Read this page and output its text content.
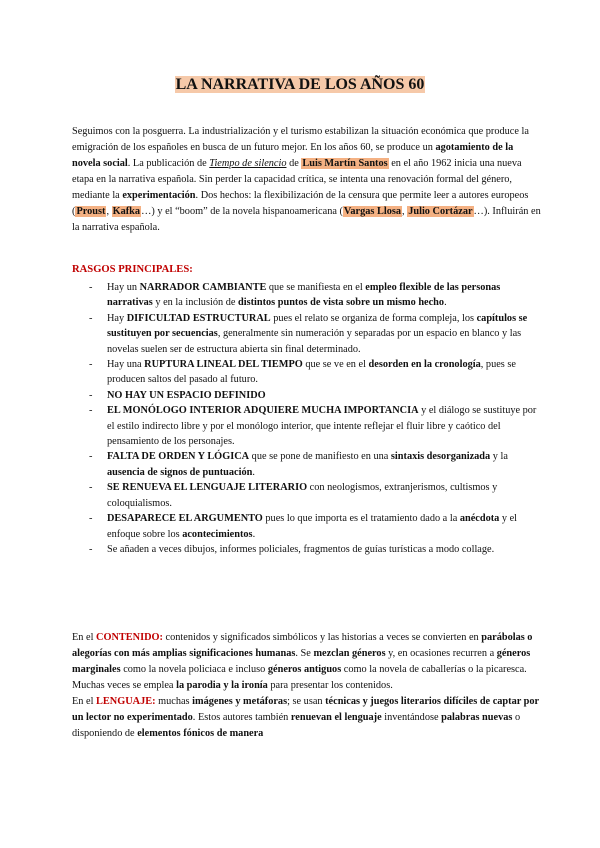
LA NARRATIVA DE LOS AÑOS 60
Seguimos con la posguerra. La industrialización y el turismo estabilizan la situación económica que produce la emigración de los españoles en busca de un futuro mejor. En los años 60, se produce un agotamiento de la novela social. La publicación de Tiempo de silencio de Luis Martín Santos en el año 1962 inicia una nueva etapa en la narrativa española. Sin perder la capacidad crítica, se intenta una renovación formal del género, mediante la experimentación. Dos hechos: la flexibilización de la censura que permite leer a autores europeos (Proust, Kafka…) y el “boom” de la novela hispanoamericana (Vargas Llosa, Julio Cortázar…). Influirán en la narrativa española.
RASGOS PRINCIPALES:
- Hay un NARRADOR CAMBIANTE que se manifiesta en el empleo flexible de las personas narrativas y en la inclusión de distintos puntos de vista sobre un mismo hecho.
- Hay DIFICULTAD ESTRUCTURAL pues el relato se organiza de forma compleja, los capítulos se sustituyen por secuencias, generalmente sin numeración y separadas por un espacio en blanco y las novelas suelen ser de estructura abierta sin final determinado.
- Hay una RUPTURA LINEAL DEL TIEMPO que se ve en el desorden en la cronología, pues se producen saltos del pasado al futuro.
- NO HAY UN ESPACIO DEFINIDO
- EL MONÓLOGO INTERIOR ADQUIERE MUCHA IMPORTANCIA y el diálogo se sustituye por el estilo indirecto libre y por el monólogo interior, que intente reflejar el fluir libre y caótico del pensamiento de los personajes.
- FALTA DE ORDEN Y LÓGICA que se pone de manifiesto en una sintaxis desorganizada y la ausencia de signos de puntuación.
- SE RENUEVA EL LENGUAJE LITERARIO con neologismos, extranjerismos, cultismos y coloquialismos.
- DESAPARECE EL ARGUMENTO pues lo que importa es el tratamiento dado a la anécdota y el enfoque sobre los acontecimientos.
- Se añaden a veces dibujos, informes policiales, fragmentos de guías turísticas a modo collage.
En el CONTENIDO: contenidos y significados simbólicos y las historias a veces se convierten en parábolas o alegorías con más amplias significaciones humanas. Se mezclan géneros y, en ocasiones recurren a géneros marginales como la novela policiaca e incluso géneros antiguos como la novela de caballerías o la picaresca. Muchas veces se emplea la parodia y la ironía para presentar los contenidos.
En el LENGUAJE: muchas imágenes y metáforas; se usan técnicas y juegos literarios difíciles de captar por un lector no experimentado. Estos autores también renuevan el lenguaje inventándose palabras nuevas o disponiendo de elementos fónicos de manera
